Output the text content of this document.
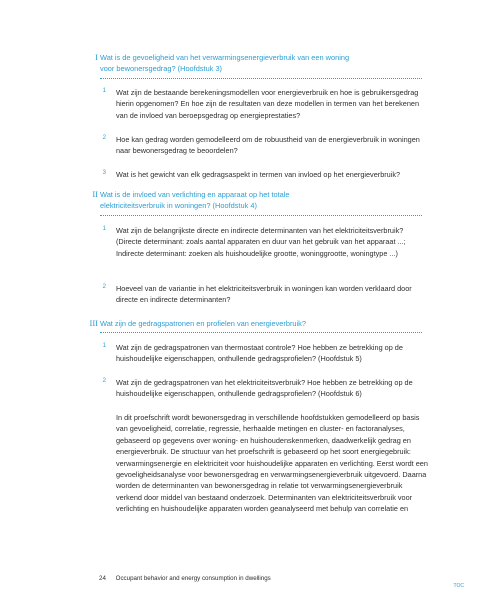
I Wat is de gevoeligheid van het verwarmingsenergieverbruik van een woning voor bewonersgedrag? (Hoofdstuk 3)
1 Wat zijn de bestaande berekeningsmodellen voor energieverbruik en hoe is gebruikersgedrag hierin opgenomen? En hoe zijn de resultaten van deze modellen in termen van het berekenen van de invloed van beroepsgedrag op energieprestaties?
2 Hoe kan gedrag worden gemodelleerd om de robuustheid van de energieverbruik in woningen naar bewonersgedrag te beoordelen?
3 Wat is het gewicht van elk gedragsaspekt in termen van invloed op het energieverbruik?
II Wat is de invloed van verlichting en apparaat op het totale elektriciteitsverbruik in woningen? (Hoofdstuk 4)
1 Wat zijn de belangrijkste directe en indirecte determinanten van het elektriciteitsverbruik? (Directe determinant: zoals aantal apparaten en duur van het gebruik van het apparaat ...; Indirecte determinant: zoeken als huishoudelijke grootte, woninggrootte, woningtype ...)
2 Hoeveel van de variantie in het elektriciteitsverbruik in woningen kan worden verklaard door directe en indirecte determinanten?
III Wat zijn de gedragspatronen en profielen van energieverbruik?
1 Wat zijn de gedragspatronen van thermostaat controle? Hoe hebben ze betrekking op de huishoudelijke eigenschappen, onthullende gedragsprofielen? (Hoofdstuk 5)
2 Wat zijn de gedragspatronen van het elektriciteitsverbruik? Hoe hebben ze betrekking op de huishoudelijke eigenschappen, onthullende gedragsprofielen? (Hoofdstuk 6)
In dit proefschrift wordt bewonersgedrag in verschillende hoofdstukken gemodelleerd op basis van gevoeligheid, correlatie, regressie, herhaalde metingen en cluster- en factoranalyses, gebaseerd op gegevens over woning- en huishoudenskenmerken, daadwerkelijk gedrag en energieverbruik. De structuur van het proefschrift is gebaseerd op het soort energiegebruik: verwarmingsenergie en elektriciteit voor huishoudelijke apparaten en verlichting. Eerst wordt een gevoeligheidsanalyse voor bewonersgedrag en verwarmingsenergieverbruik uitgevoerd. Daarna worden de determinanten van bewonersgedrag in relatie tot verwarmingsenergieverbruik verkend door middel van bestaand onderzoek. Determinanten van elektriciteitsverbruik voor verlichting en huishoudelijke apparaten worden geanalyseerd met behulp van correlatie en
24 Occupant behavior and energy consumption in dwellings
TOC
